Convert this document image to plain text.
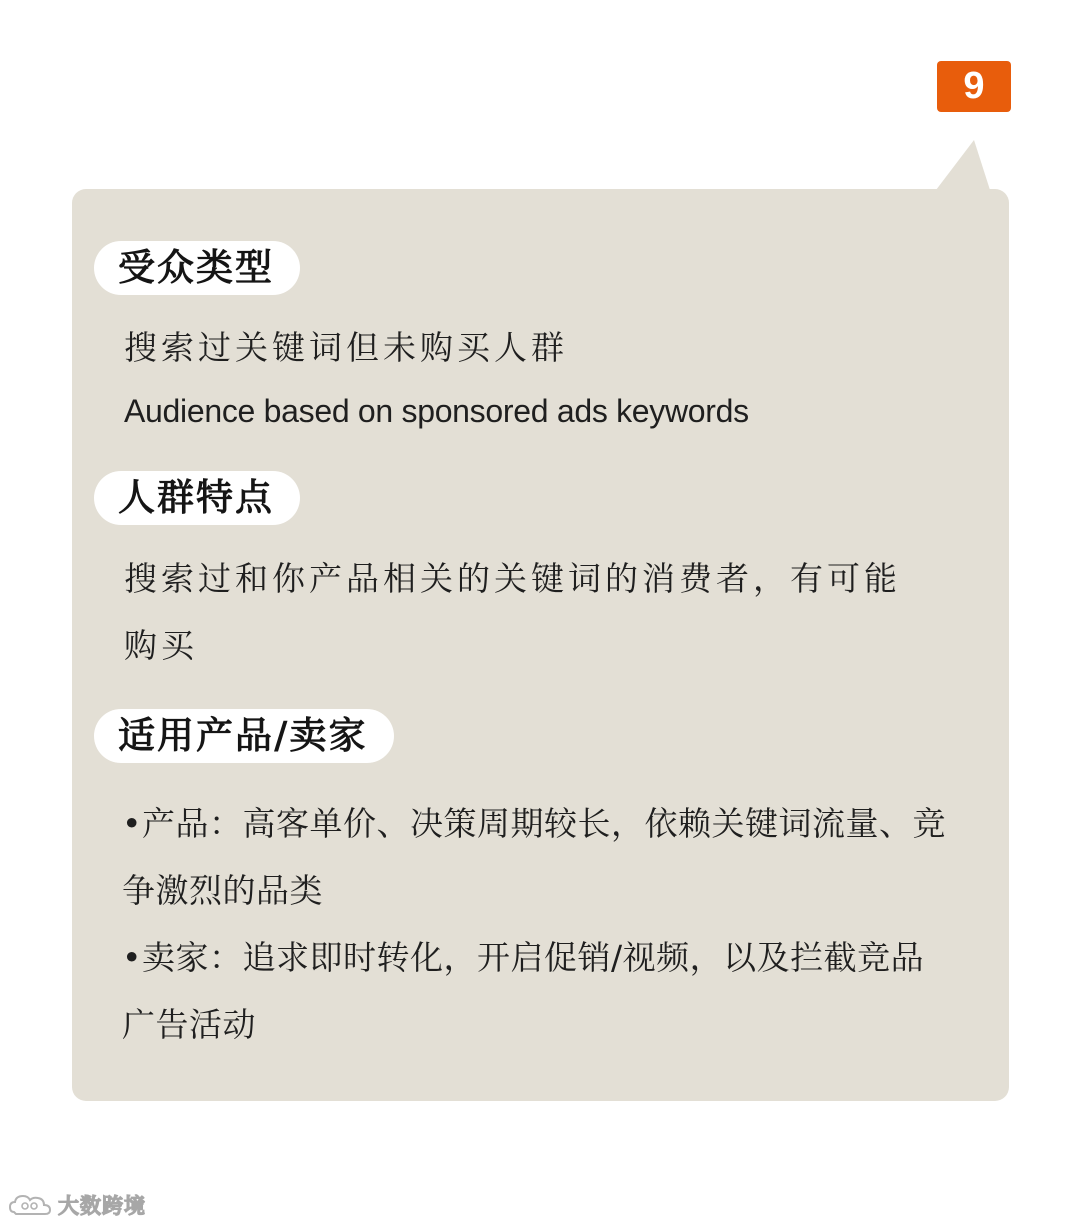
9
受众类型
搜索过关键词但未购买人群
Audience based on sponsored ads keywords
人群特点
搜索过和你产品相关的关键词的消费者，有可能
购买
适用产品/卖家
•产品：高客单价、决策周期较长，依赖关键词流量、竞
争激烈的品类
•卖家：追求即时转化，开启促销/视频，以及拦截竞品
广告活动
大数跨境
